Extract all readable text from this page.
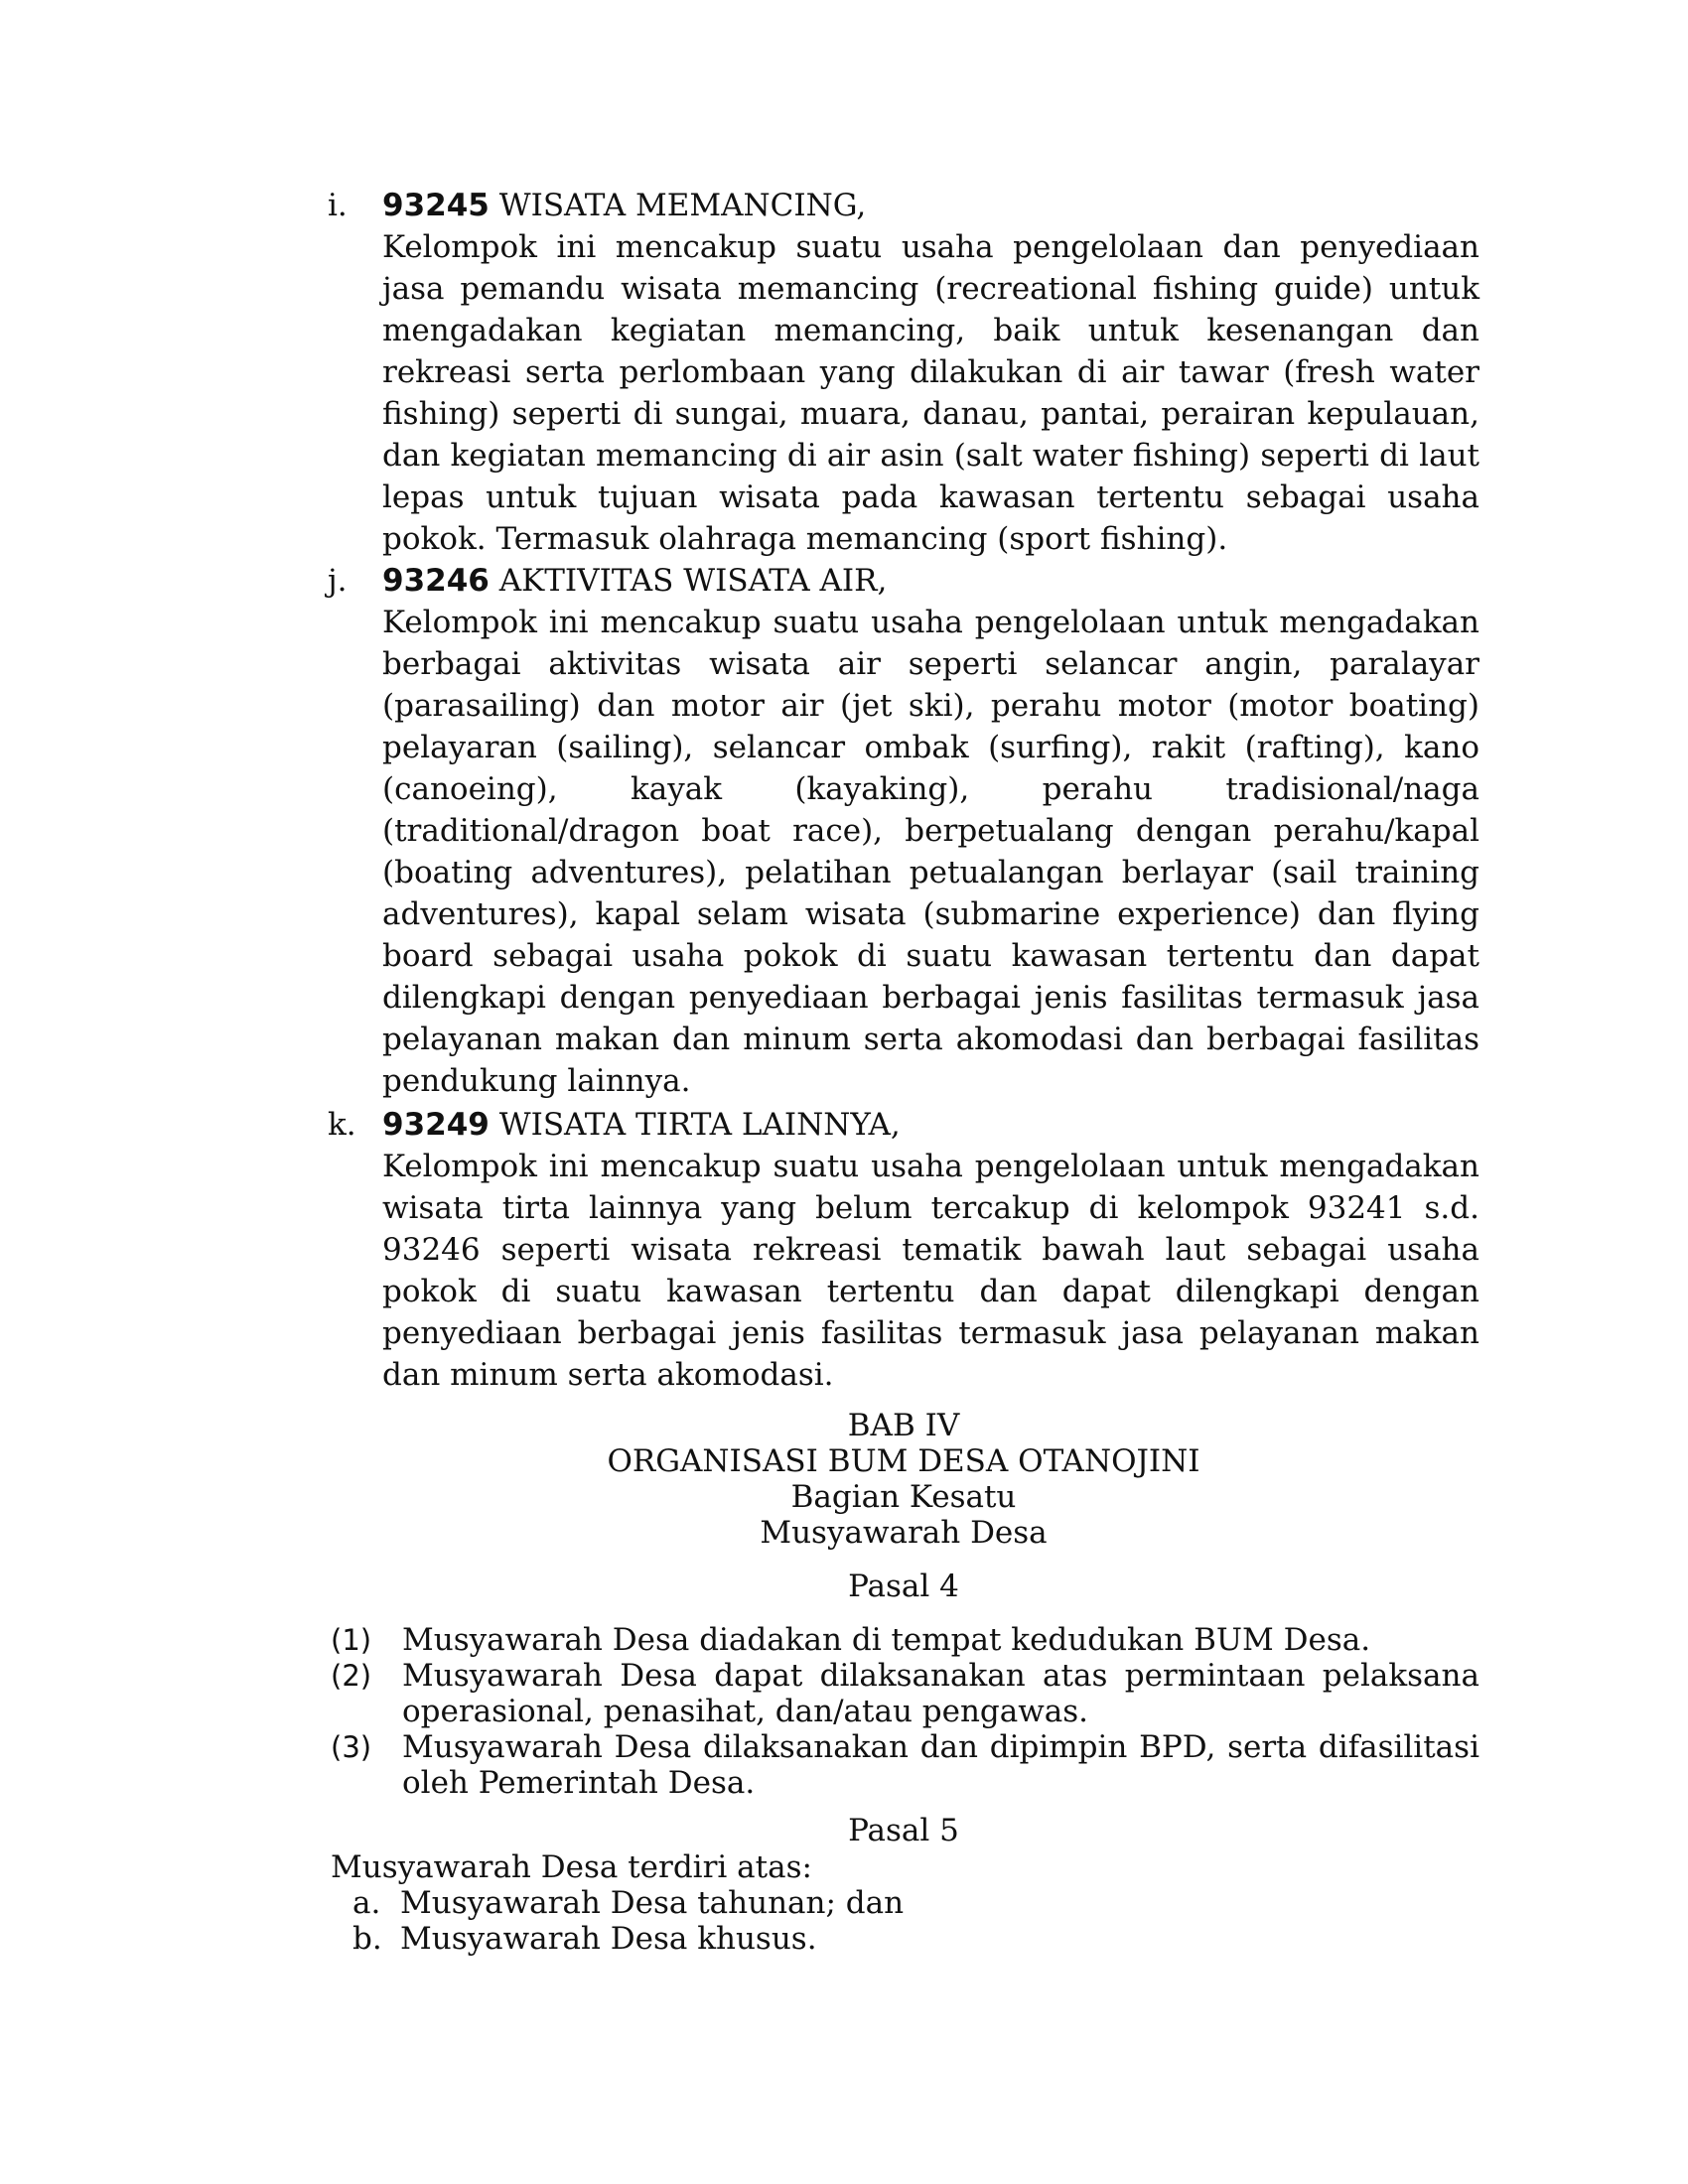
i. 93245 WISATA MEMANCING,
Kelompok ini mencakup suatu usaha pengelolaan dan penyediaan jasa pemandu wisata memancing (recreational fishing guide) untuk mengadakan kegiatan memancing, baik untuk kesenangan dan rekreasi serta perlombaan yang dilakukan di air tawar (fresh water fishing) seperti di sungai, muara, danau, pantai, perairan kepulauan, dan kegiatan memancing di air asin (salt water fishing) seperti di laut lepas untuk tujuan wisata pada kawasan tertentu sebagai usaha pokok. Termasuk olahraga memancing (sport fishing).
j. 93246 AKTIVITAS WISATA AIR,
Kelompok ini mencakup suatu usaha pengelolaan untuk mengadakan berbagai aktivitas wisata air seperti selancar angin, paralayar (parasailing) dan motor air (jet ski), perahu motor (motor boating) pelayaran (sailing), selancar ombak (surfing), rakit (rafting), kano (canoeing), kayak (kayaking), perahu tradisional/naga (traditional/dragon boat race), berpetualang dengan perahu/kapal (boating adventures), pelatihan petualangan berlayar (sail training adventures), kapal selam wisata (submarine experience) dan flying board sebagai usaha pokok di suatu kawasan tertentu dan dapat dilengkapi dengan penyediaan berbagai jenis fasilitas termasuk jasa pelayanan makan dan minum serta akomodasi dan berbagai fasilitas pendukung lainnya.
k. 93249 WISATA TIRTA LAINNYA,
Kelompok ini mencakup suatu usaha pengelolaan untuk mengadakan wisata tirta lainnya yang belum tercakup di kelompok 93241 s.d. 93246 seperti wisata rekreasi tematik bawah laut sebagai usaha pokok di suatu kawasan tertentu dan dapat dilengkapi dengan penyediaan berbagai jenis fasilitas termasuk jasa pelayanan makan dan minum serta akomodasi.
BAB IV
ORGANISASI BUM DESA OTANOJINI
Bagian Kesatu
Musyawarah Desa
Pasal 4
(1) Musyawarah Desa diadakan di tempat kedudukan BUM Desa.
(2) Musyawarah Desa dapat dilaksanakan atas permintaan pelaksana operasional, penasihat, dan/atau pengawas.
(3) Musyawarah Desa dilaksanakan dan dipimpin BPD, serta difasilitasi oleh Pemerintah Desa.
Pasal 5
Musyawarah Desa terdiri atas:
a. Musyawarah Desa tahunan; dan
b. Musyawarah Desa khusus.
